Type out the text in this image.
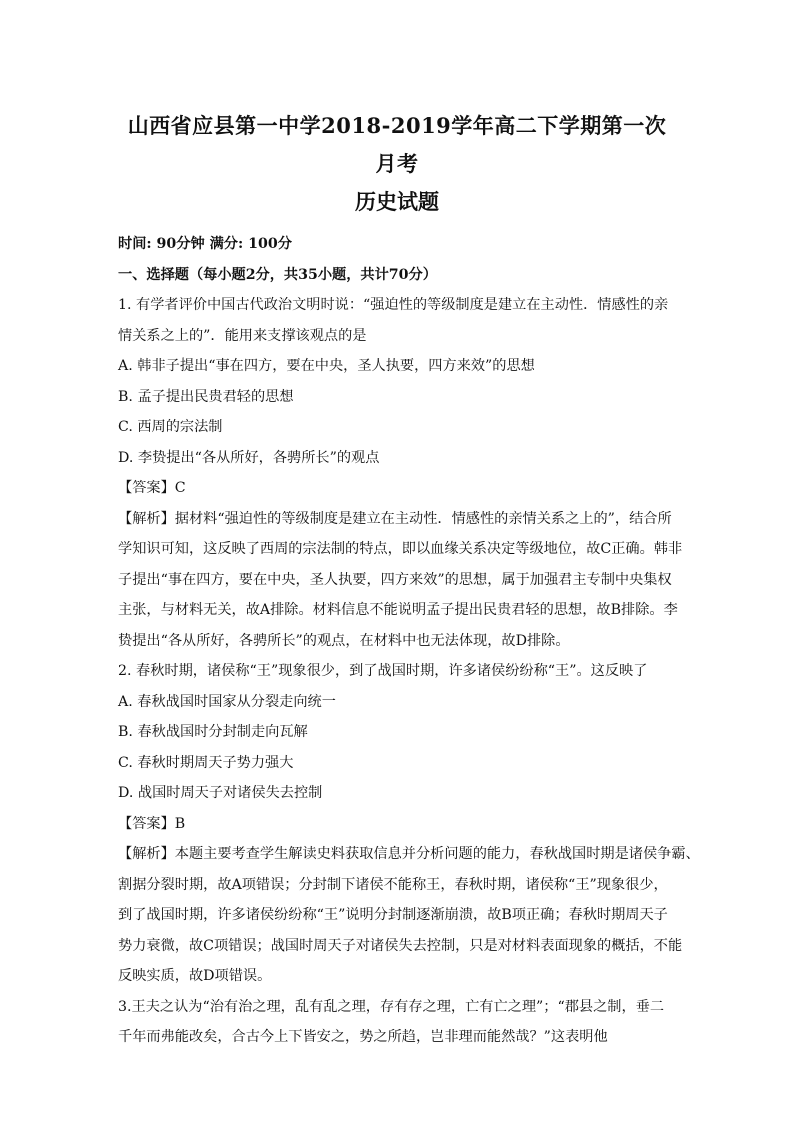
山西省应县第一中学2018-2019学年高二下学期第一次月考
历史试题

时间: 90分钟 满分: 100分

一、选择题（每小题2分，共35小题，共计70分）

1. 有学者评价中国古代政治文明时说：“强迫性的等级制度是建立在主动性．情感性的亲
情关系之上的”．能用来支撑该观点的是

A. 韩非子提出“事在四方，要在中央，圣人执要，四方来效”的思想

B. 孟子提出民贵君轻的思想

C. 西周的宗法制

D. 李贽提出“各从所好，各骋所长”的观点

【答案】C

【解析】据材料“强迫性的等级制度是建立在主动性．情感性的亲情关系之上的”，结合所
学知识可知，这反映了西周的宗法制的特点，即以血缘关系决定等级地位，故C正确。韩非
子提出“事在四方，要在中央，圣人执要，四方来效”的思想，属于加强君主专制中央集权
主张，与材料无关，故A排除。材料信息不能说明孟子提出民贵君轻的思想，故B排除。李
贽提出“各从所好，各骋所长”的观点，在材料中也无法体现，故D排除。

2. 春秋时期，诸侯称“王”现象很少，到了战国时期，许多诸侯纷纷称“王”。这反映了

A. 春秋战国时国家从分裂走向统一

B. 春秋战国时分封制走向瓦解

C. 春秋时期周天子势力强大

D. 战国时周天子对诸侯失去控制

【答案】B

【解析】本题主要考查学生解读史料获取信息并分析问题的能力，春秋战国时期是诸侯争霸、
割据分裂时期，故A项错误；分封制下诸侯不能称王，春秋时期，诸侯称“王”现象很少，
到了战国时期，许多诸侯纷纷称“王”说明分封制逐渐崩溃，故B项正确；春秋时期周天子
势力衰微，故C项错误；战国时周天子对诸侯失去控制，只是对材料表面现象的概括，不能
反映实质，故D项错误。

3.王夫之认为“治有治之理，乱有乱之理，存有存之理，亡有亡之理”；“郡县之制，垂二
千年而弗能改矣，合古今上下皆安之，势之所趋，岂非理而能然哉？”这表明他
